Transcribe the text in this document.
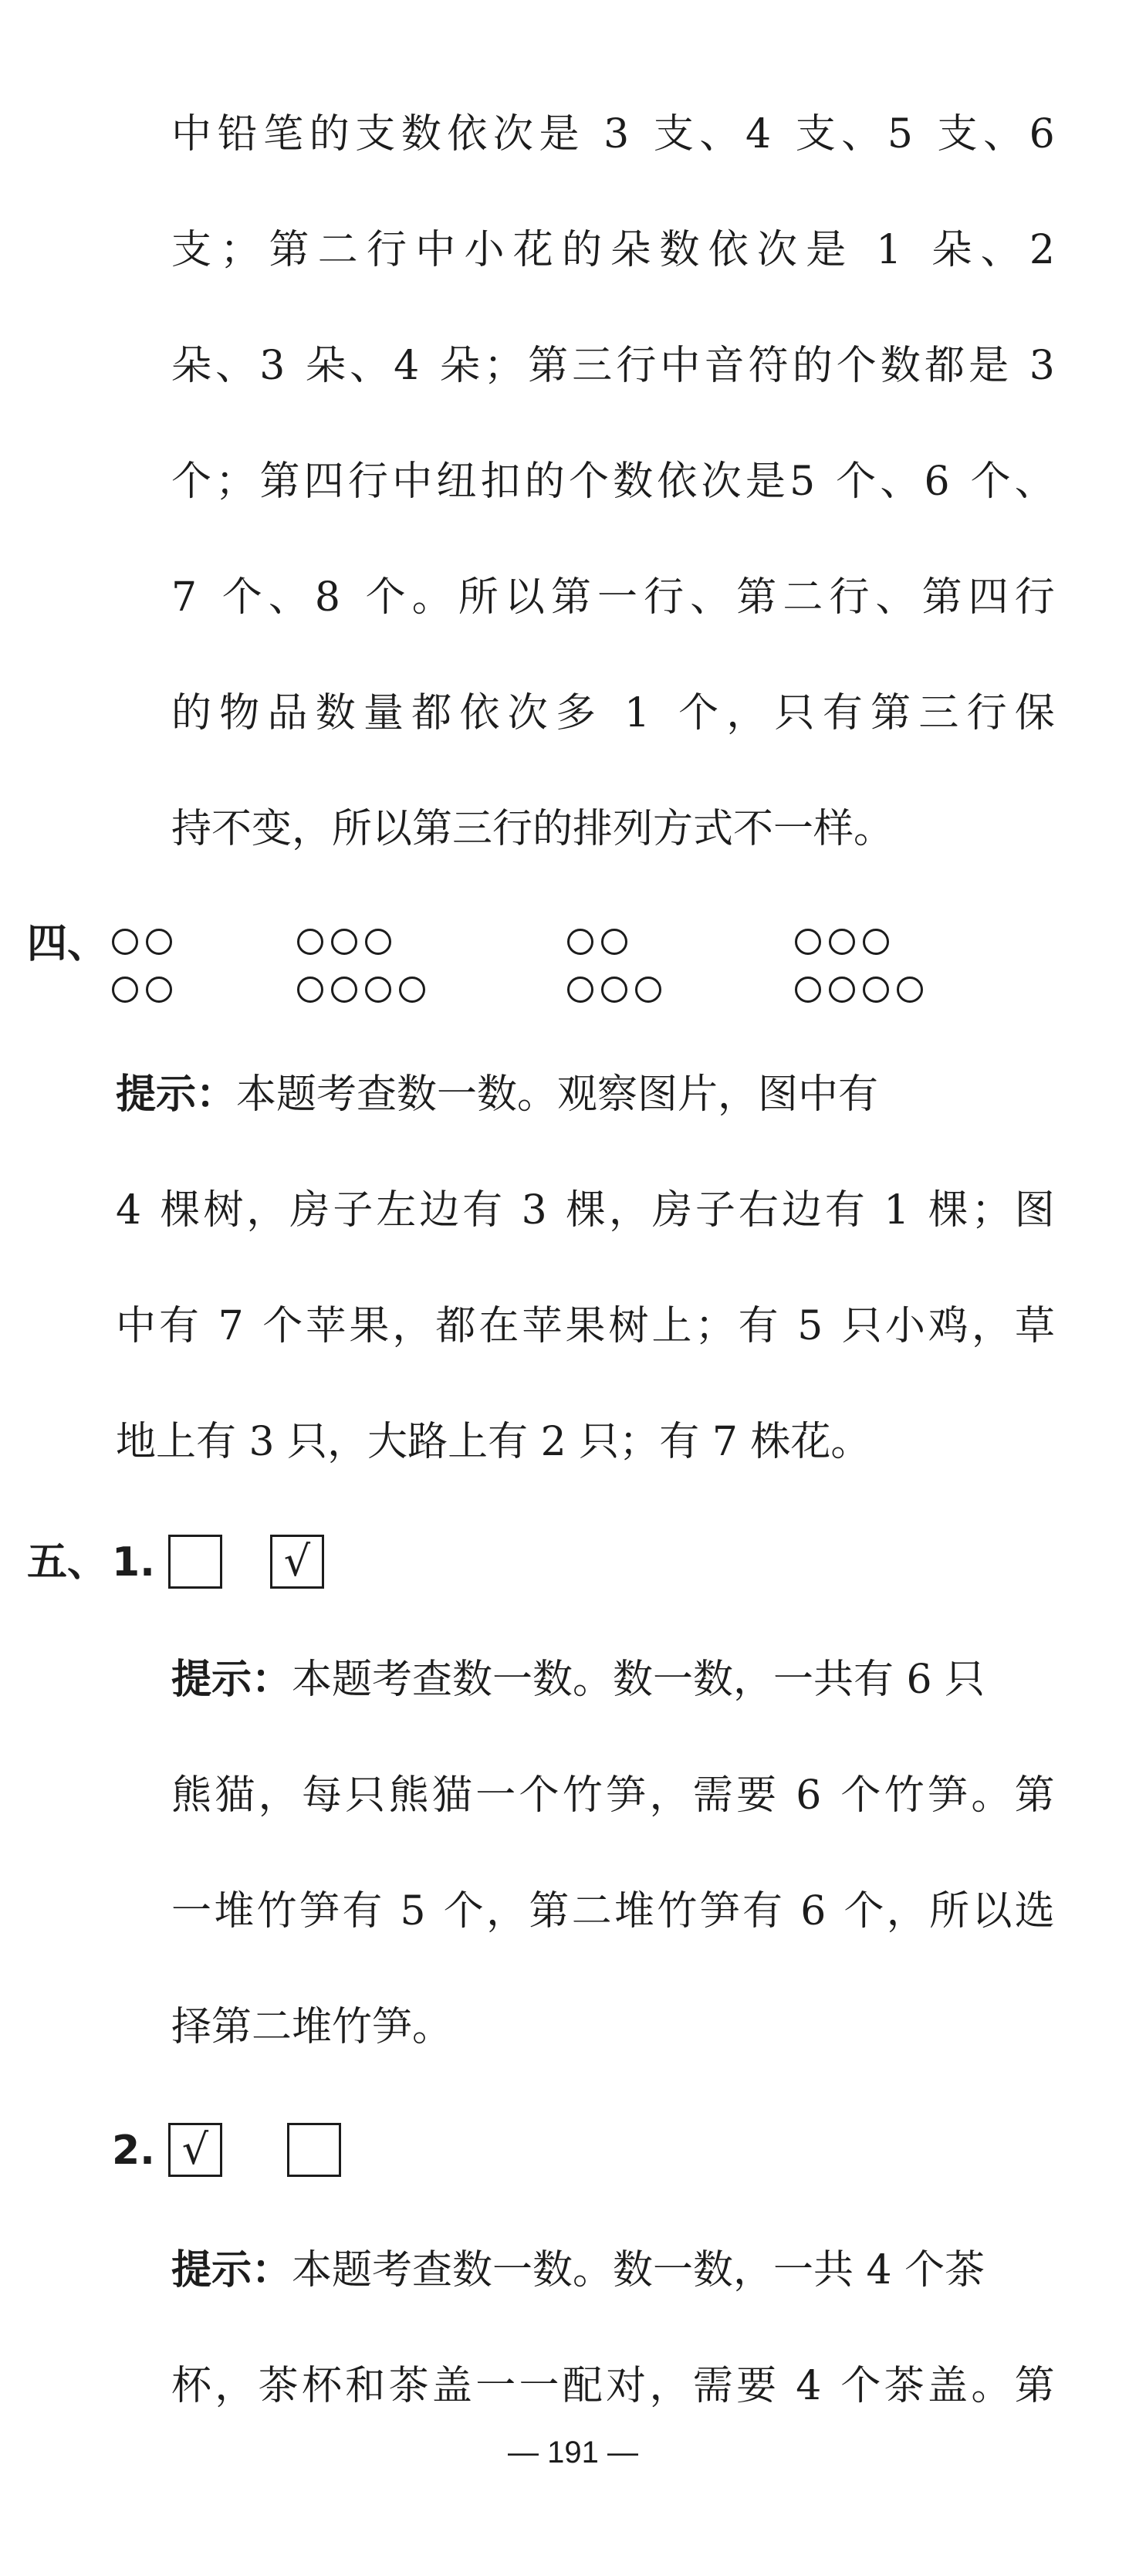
中 铅 笔 的 支 数 依 次 是
3
支 、 4
支 、 5
支 、 6
支 ； 第 二 行 中 小 花 的 朵 数 依 次 是
1
朵 、 2
朵 、 3
朵 、 4
朵 ； 第 三 行 中 音 符 的 个 数 都 是
3
个 ； 第 四 行 中 纽 扣 的 个 数 依 次 是 5
个 、 6
个 、
7
个 、 8
个 。 所 以 第 一 行 、 第 二 行 、 第 四 行
的 物 品 数 量 都 依 次 多
1
个 ， 只 有 第 三 行 保
持不变，所以第三行的排列方式不一样。
四、
提示：本题考查数一数。观察图片，图中有
4
棵 树 ， 房 子 左 边 有
3
棵 ， 房 子 右 边 有
1
棵 ； 图
中 有
7
个 苹 果 ， 都 在 苹 果 树 上 ； 有
5
只 小 鸡 ， 草
地上有 3 只，大路上有 2 只；有 7 株花。
五、 1.	√
提示：本题考查数一数。数一数，一共有 6 只
熊 猫 ， 每 只 熊 猫 一 个 竹 笋 ， 需 要
6
个 竹 笋 。 第
一 堆 竹 笋 有
5
个 ， 第 二 堆 竹 笋 有
6
个 ， 所 以 选
择第二堆竹笋。
2. √
提示：本题考查数一数。数一数，一共 4 个茶
杯 ， 茶 杯 和 茶 盖 一 一 配 对 ， 需 要
4
个 茶 盖 。 第
— 191 —
